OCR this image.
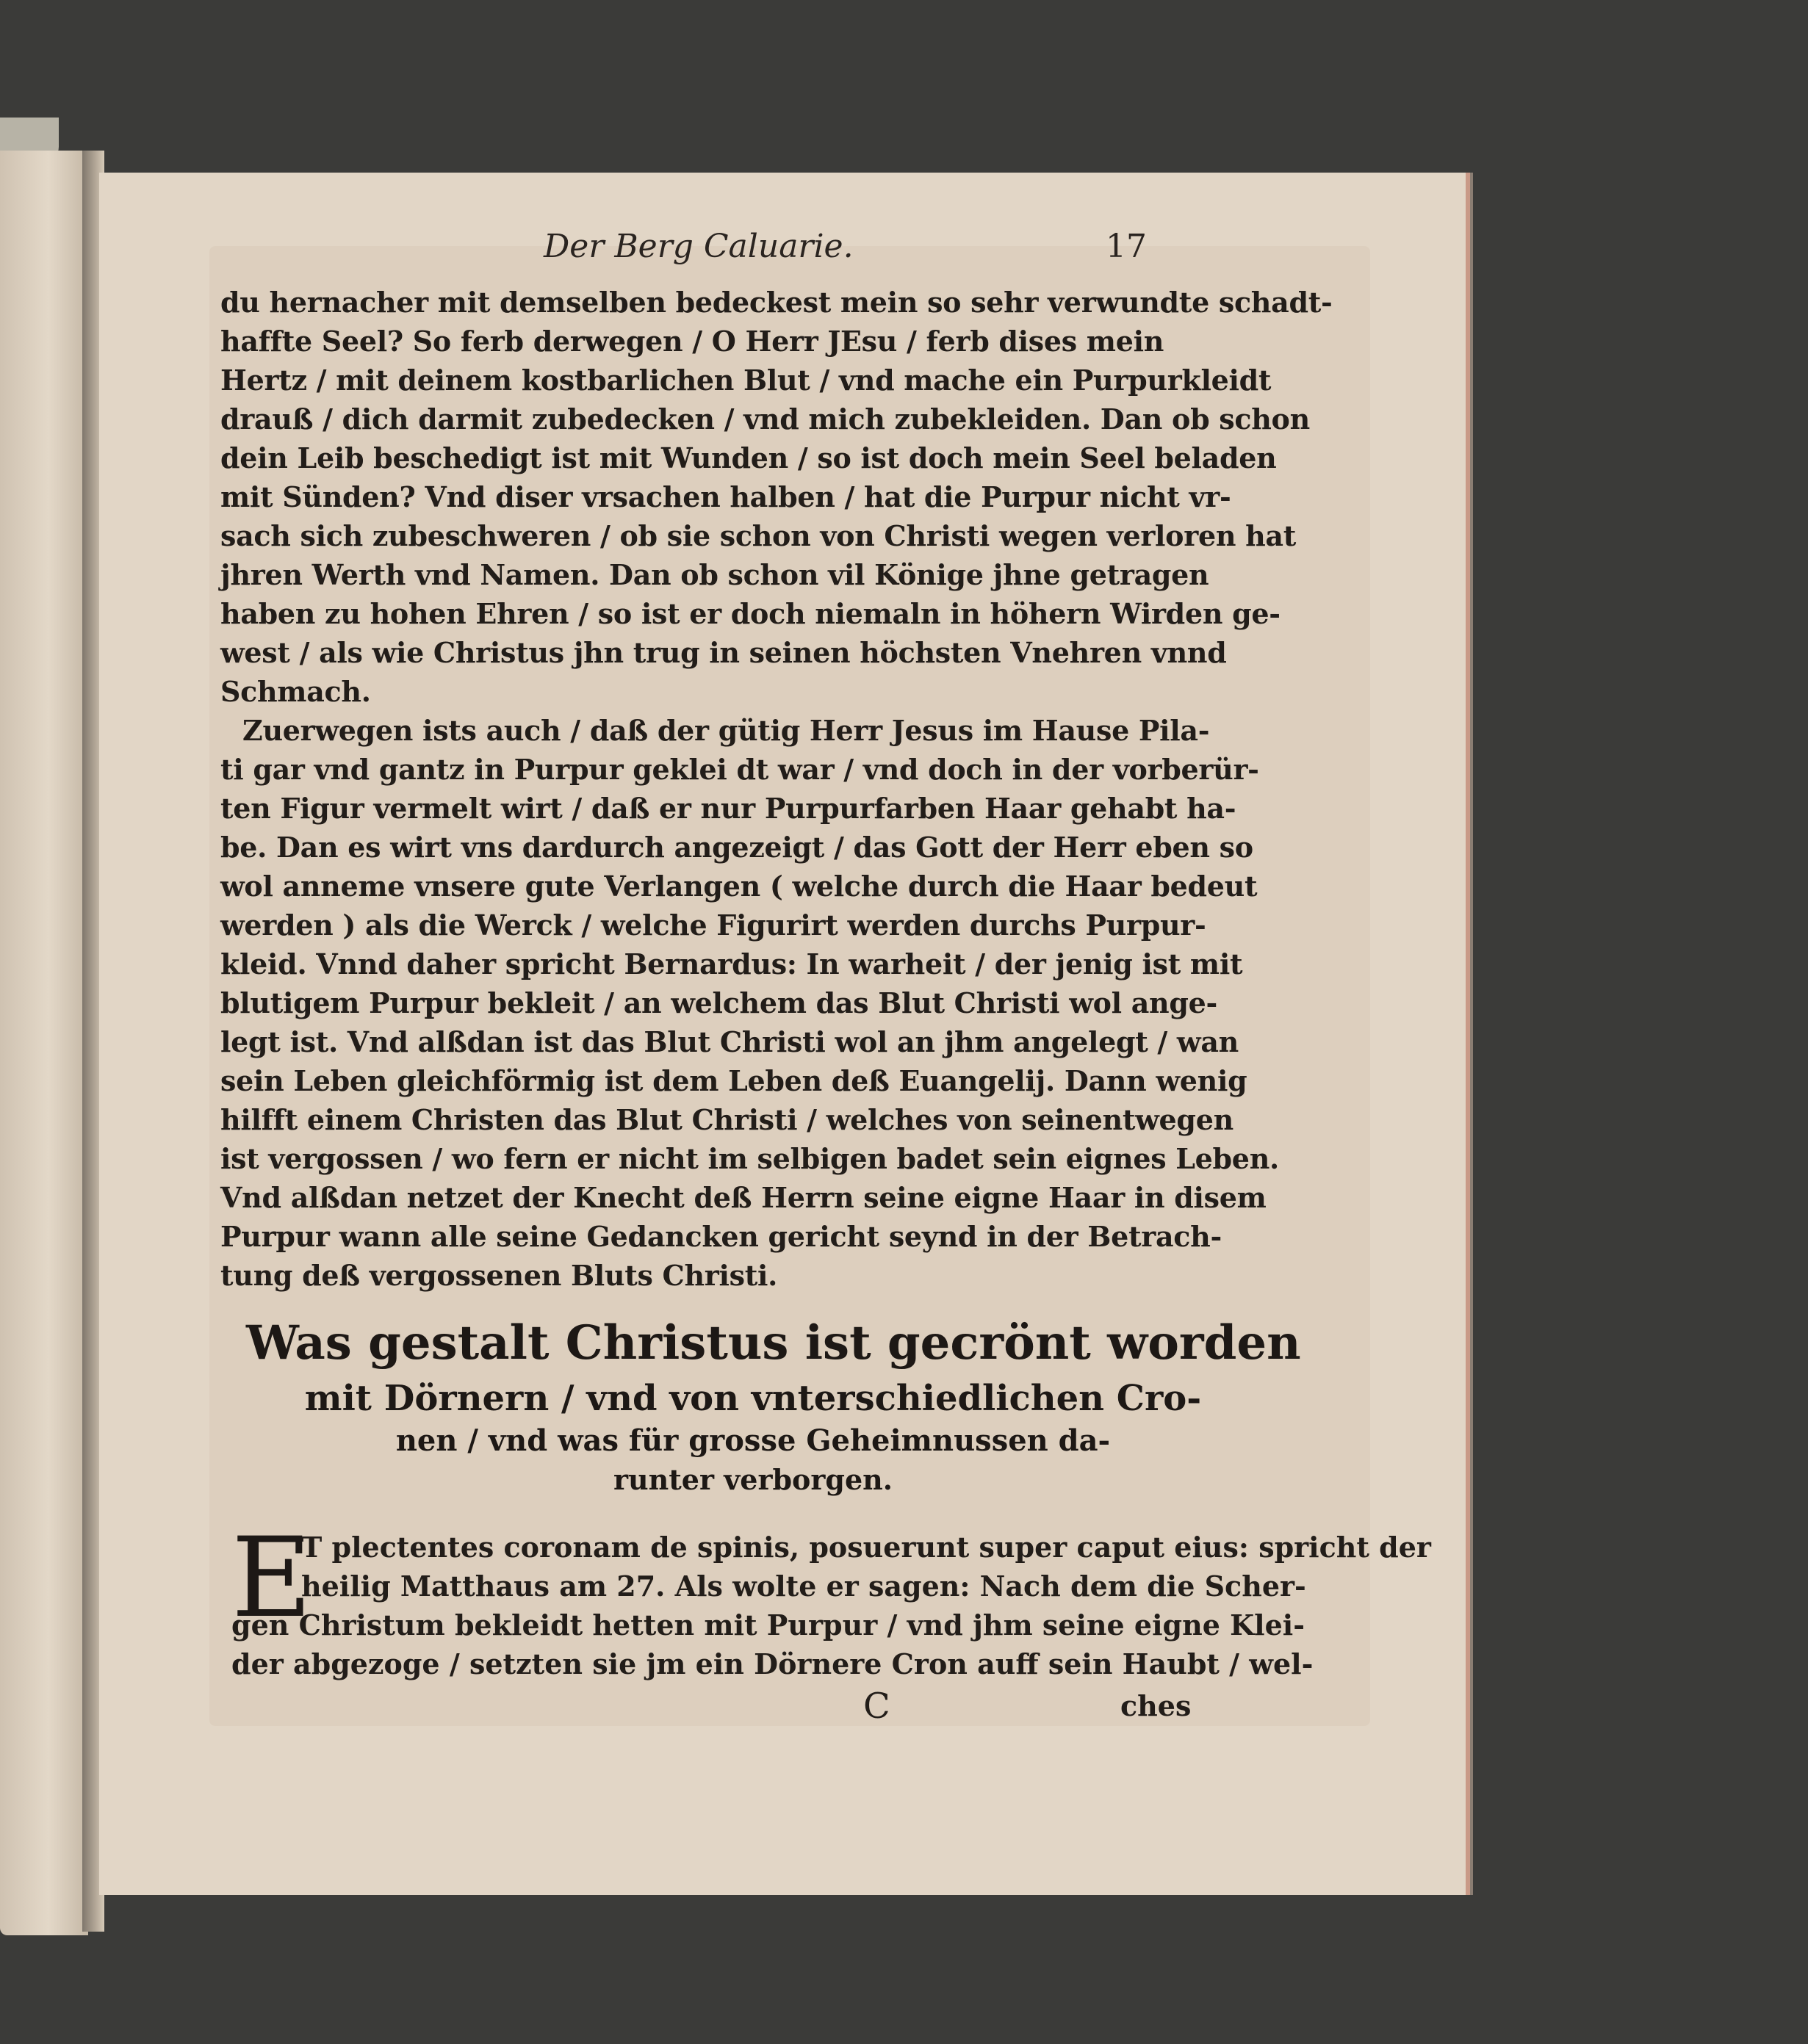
Der Berg Caluarie.	17
du hernacher mit demselben bedeckest mein so sehr verwundte schadt-
haffte Seel? So ferb derwegen / O Herr JEsu / ferb dises mein
Hertz / mit deinem kostbarlichen Blut / vnd mache ein Purpurkleidt
drauß / dich darmit zubedecken / vnd mich zubekleiden. Dan ob schon
dein Leib beschedigt ist mit Wunden / so ist doch mein Seel beladen
mit Sünden? Vnd diser vrsachen halben / hat die Purpur nicht vr-
sach sich zubeschweren / ob sie schon von Christi wegen verloren hat
jhren Werth vnd Namen. Dan ob schon vil Könige jhne getragen
haben zu hohen Ehren / so ist er doch niemaln in höhern Wirden ge-
west / als wie Christus jhn trug in seinen höchsten Vnehren vnnd
Schmach.
Zuerwegen ists auch / daß der gütig Herr Jesus im Hause Pila-
ti gar vnd gantz in Purpur geklei dt war / vnd doch in der vorberür-
ten Figur vermelt wirt / daß er nur Purpurfarben Haar gehabt ha-
be. Dan es wirt vns dardurch angezeigt / das Gott der Herr eben so
wol anneme vnsere gute Verlangen ( welche durch die Haar bedeut
werden ) als die Werck / welche Figurirt werden durchs Purpur-
kleid. Vnnd daher spricht Bernardus: In warheit / der jenig ist mit
blutigem Purpur bekleit / an welchem das Blut Christi wol ange-
legt ist. Vnd alßdan ist das Blut Christi wol an jhm angelegt / wan
sein Leben gleichförmig ist dem Leben deß Euangelij. Dann wenig
hilfft einem Christen das Blut Christi / welches von seinentwegen
ist vergossen / wo fern er nicht im selbigen badet sein eignes Leben.
Vnd alßdan netzet der Knecht deß Herrn seine eigne Haar in disem
Purpur wann alle seine Gedancken gericht seynd in der Betrach-
tung deß vergossenen Bluts Christi.
Was gestalt Christus ist gecrönt worden
mit Dörnern / vnd von vnterschiedlichen Cro-
nen / vnd was für grosse Geheimnussen da-
runter verborgen.
E
T plectentes coronam de spinis, posuerunt super caput eius: spricht der
heilig Matthaus am 27. Als wolte er sagen: Nach dem die Scher-
gen Christum bekleidt hetten mit Purpur / vnd jhm seine eigne Klei-
der abgezoge / setzten sie jm ein Dörnere Cron auff sein Haubt / wel-
C	ches
